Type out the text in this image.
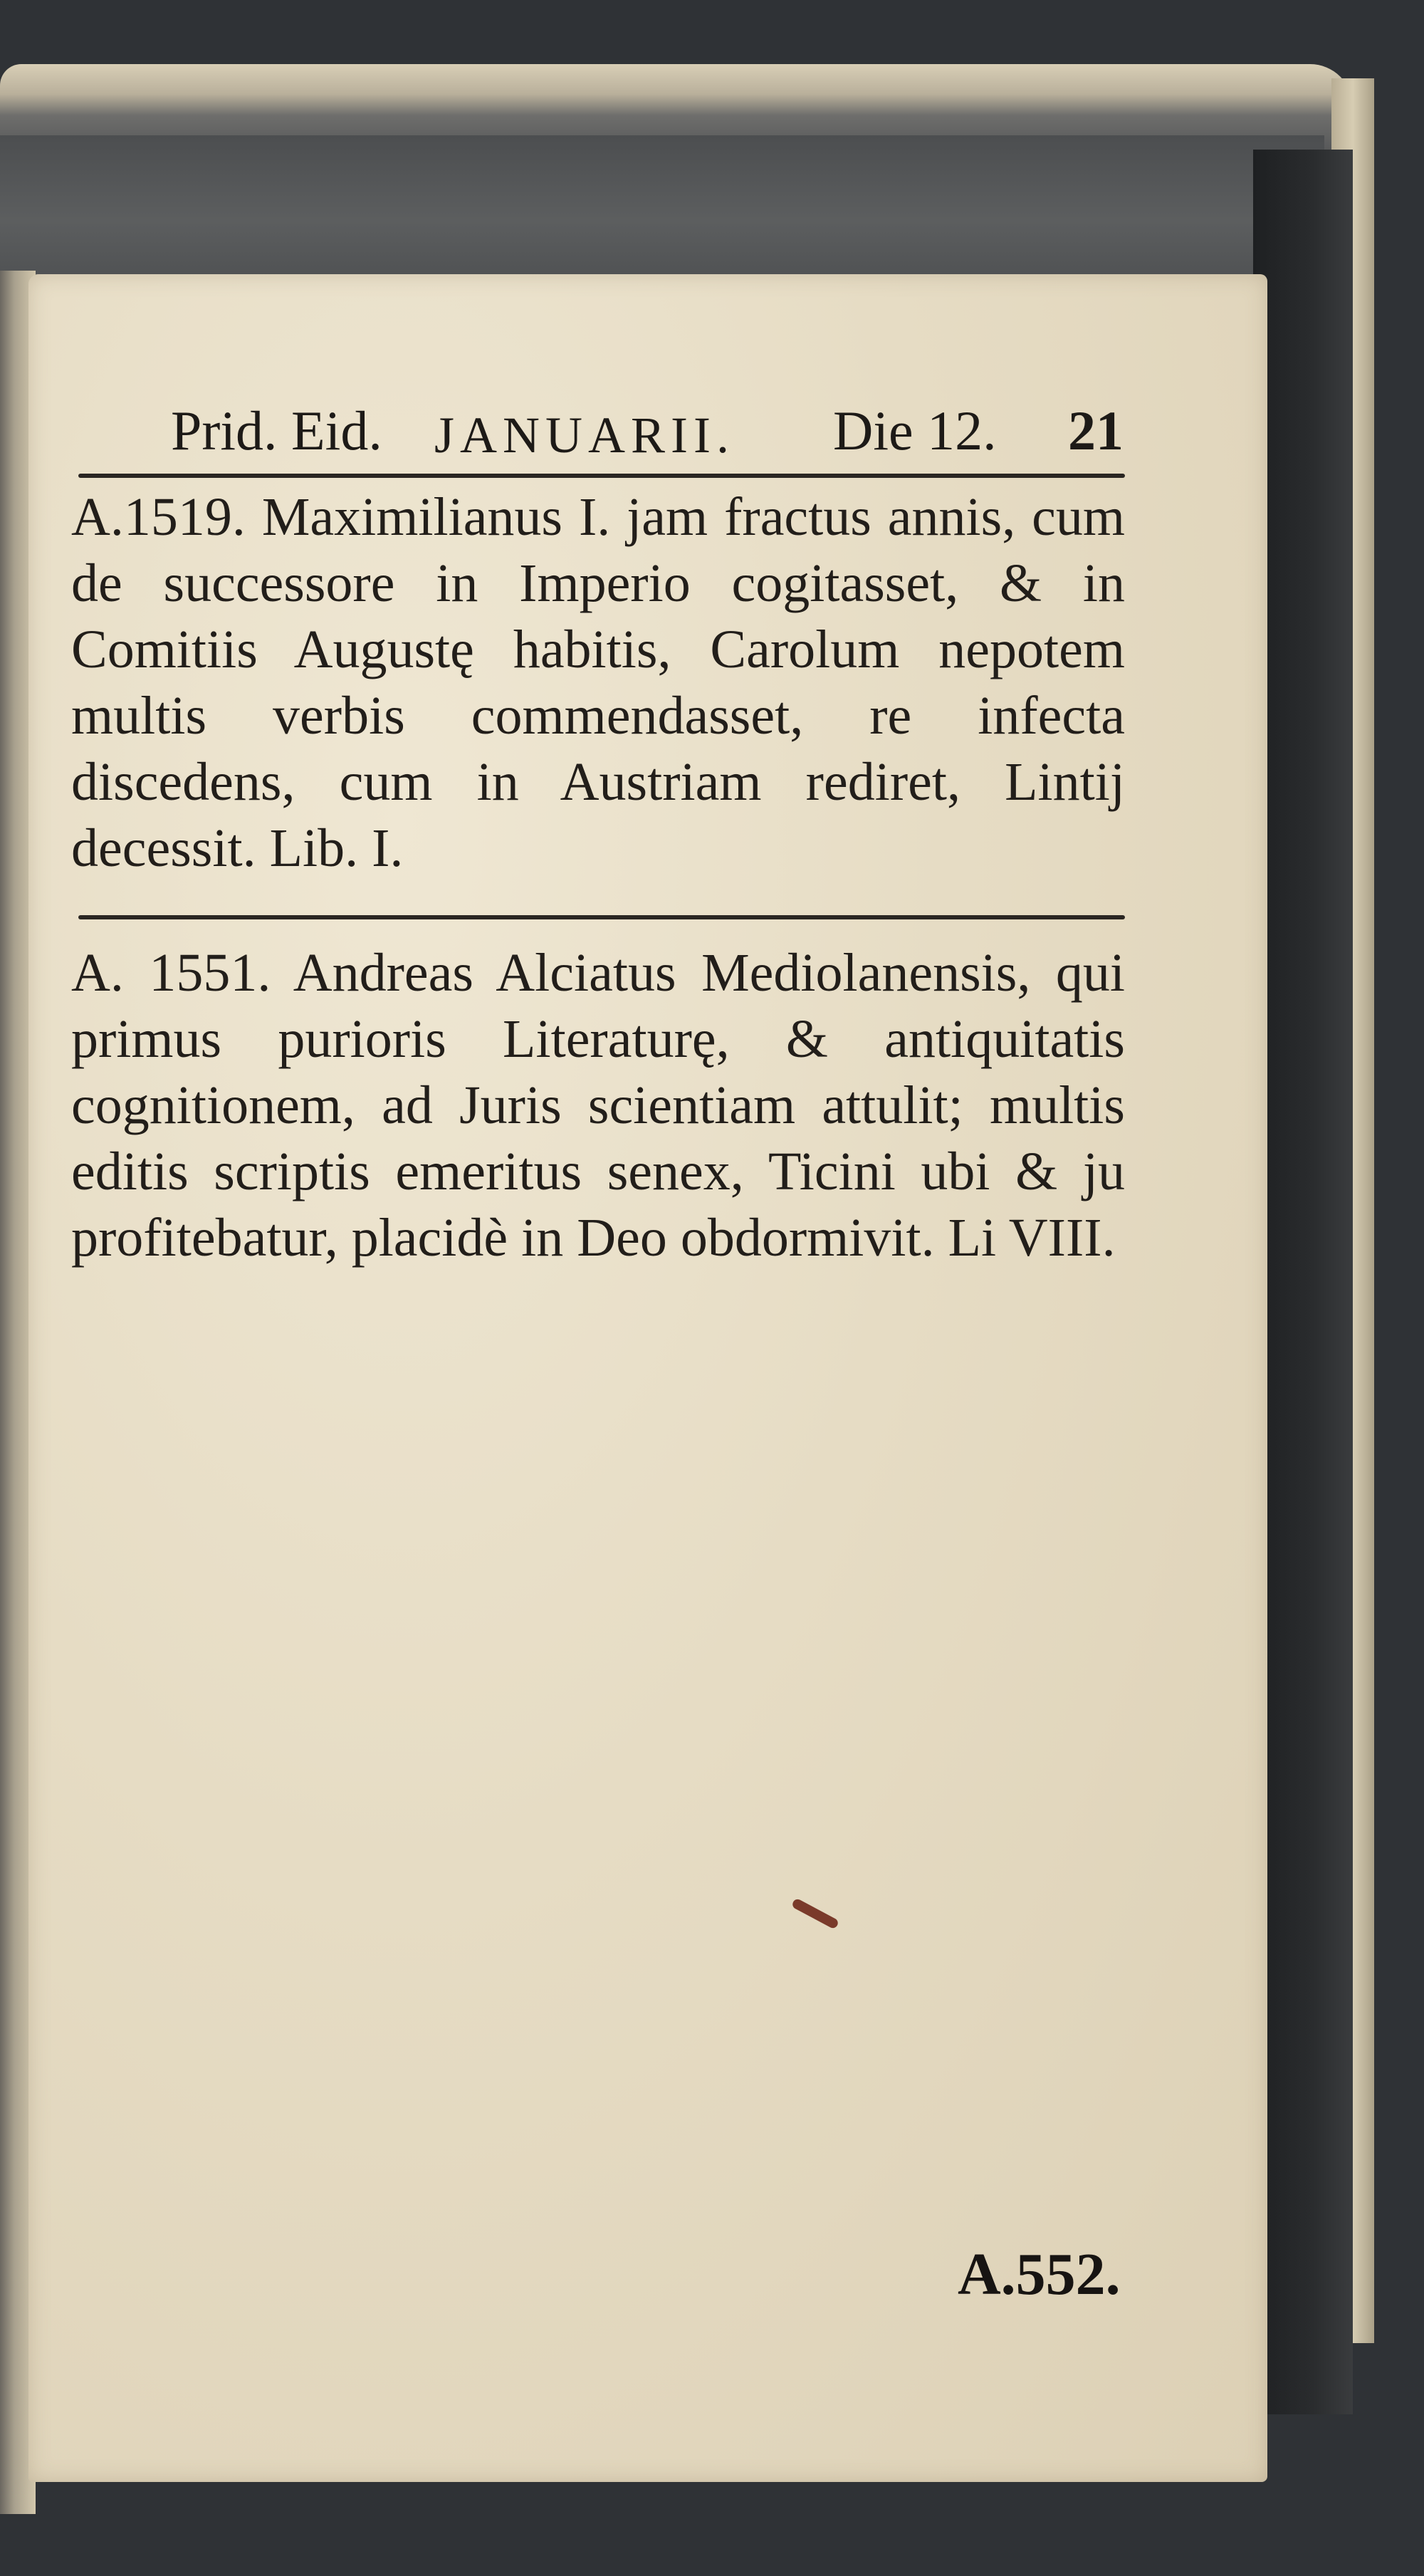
Prid. Eid. JANUARII. Die 12. 21
A.1519. Maximilianus I. jam fractus annis, cum de successore in Imperio cogitasset, & in Comitiis Augustę habitis, Carolum nepotem multis verbis commendasset, re infecta discedens, cum in Austriam rediret, Lintij decessit. Lib. I.
A. 1551. Andreas Alciatus Mediolanensis, qui primus purioris Literaturę, & antiquitatis cognitionem, ad Juris scientiam attulit; multis editis scriptis emeritus senex, Ticini ubi & ju profitebatur, placidè in Deo obdormivit. Li VIII.
A.552.
